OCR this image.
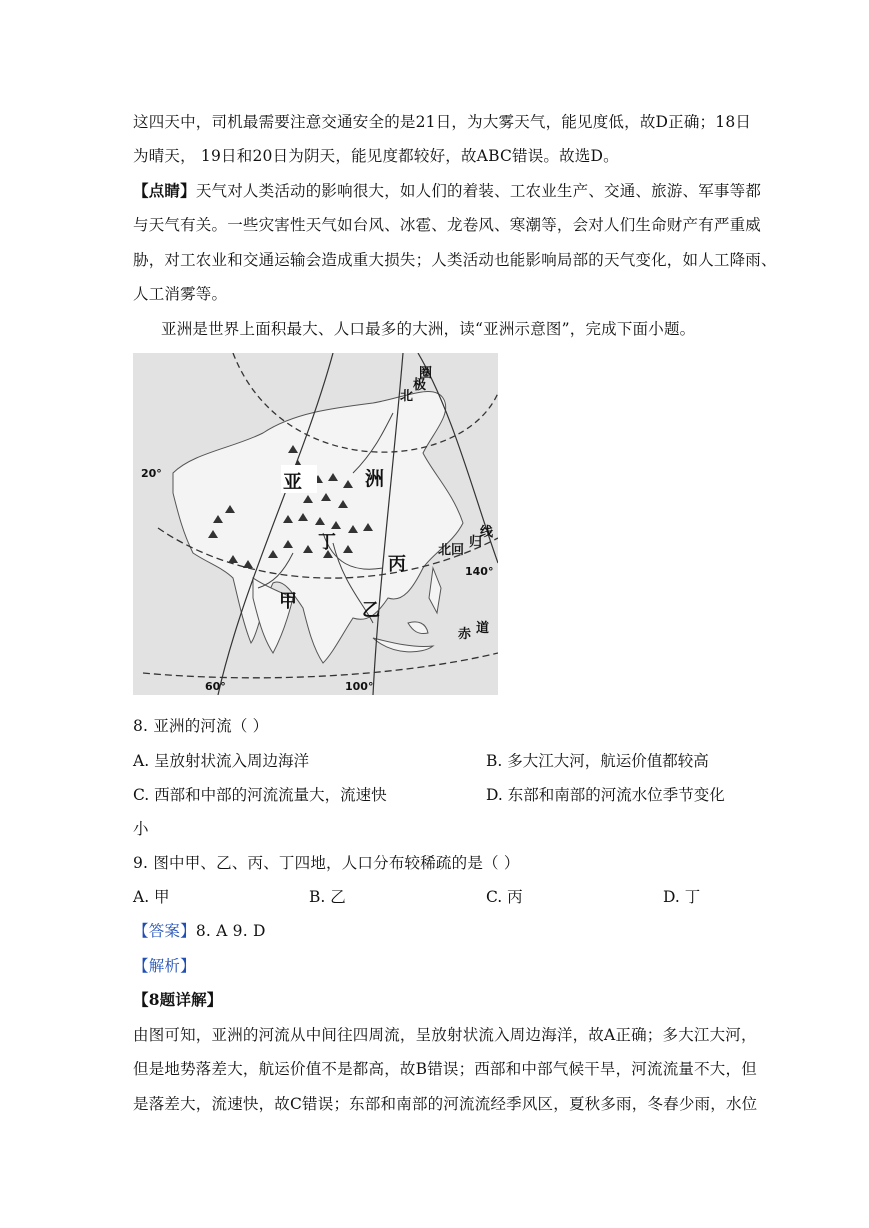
这四天中，司机最需要注意交通安全的是21日，为大雾天气，能见度低，故D正确；18日
为晴天， 19日和20日为阴天，能见度都较好，故ABC错误。故选D。
【点睛】天气对人类活动的影响很大，如人们的着装、工农业生产、交通、旅游、军事等都
与天气有关。一些灾害性天气如台风、冰雹、龙卷风、寒潮等，会对人们生命财产有严重威
胁，对工农业和交通运输会造成重大损失；人类活动也能影响局部的天气变化，如人工降雨、
人工消雾等。
亚洲是世界上面积最大、人口最多的大洲，读“亚洲示意图”，完成下面小题。
亚	洲
丁
丙
甲	乙
北
极
圈
北回
归
线
赤 道
20°
140°
60°	100°
8. 亚洲的河流（ ）
A. 呈放射状流入周边海洋	B. 多大江大河，航运价值都较高
C. 西部和中部的河流流量大，流速快	D. 东部和南部的河流水位季节变化
小
9. 图中甲、乙、丙、丁四地，人口分布较稀疏的是（ ）
A. 甲	B. 乙	C. 丙	D. 丁
【答案】8. A 9. D
【解析】
【8题详解】
由图可知，亚洲的河流从中间往四周流，呈放射状流入周边海洋，故A正确；多大江大河，
但是地势落差大，航运价值不是都高，故B错误；西部和中部气候干旱，河流流量不大，但
是落差大，流速快，故C错误；东部和南部的河流流经季风区，夏秋多雨，冬春少雨，水位
